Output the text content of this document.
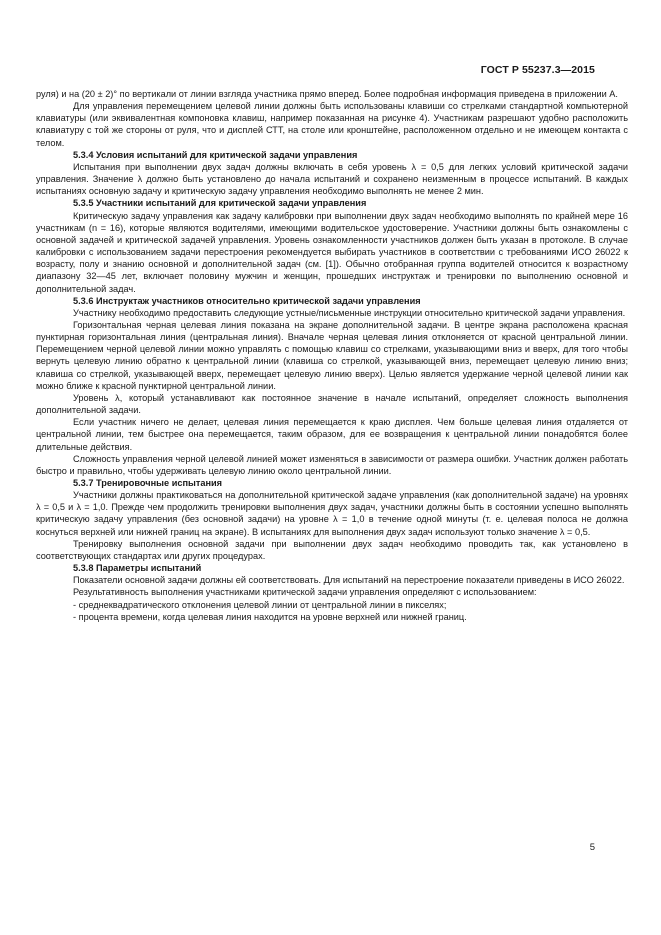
ГОСТ Р 55237.3—2015

руля) и на (20 ± 2)° по вертикали от линии взгляда участника прямо вперед. Более подробная информация приведена в приложении А.

Для управления перемещением целевой линии должны быть использованы клавиши со стрелками стандартной компьютерной клавиатуры (или эквивалентная компоновка клавиш, например показанная на рисунке 4). Участникам разрешают удобно расположить клавиатуру с той же стороны от руля, что и дисплей СТТ, на столе или кронштейне, расположенном отдельно и не имеющем контакта с телом.

5.3.4 Условия испытаний для критической задачи управления

Испытания при выполнении двух задач должны включать в себя уровень λ = 0,5 для легких условий критической задачи управления. Значение λ должно быть установлено до начала испытаний и сохранено неизменным в процессе испытаний. В каждых испытаниях основную задачу и критическую задачу управления необходимо выполнять не менее 2 мин.

5.3.5 Участники испытаний для критической задачи управления

Критическую задачу управления как задачу калибровки при выполнении двух задач необходимо выполнять по крайней мере 16 участникам (n = 16), которые являются водителями, имеющими водительское удостоверение. Участники должны быть ознакомлены с основной задачей и критической задачей управления. Уровень ознакомленности участников должен быть указан в протоколе. В случае калибровки с использованием задачи перестроения рекомендуется выбирать участников в соответствии с требованиями ИСО 26022 к возрасту, полу и знанию основной и дополнительной задач (см. [1]). Обычно отобранная группа водителей относится к возрастному диапазону 32—45 лет, включает половину мужчин и женщин, прошедших инструктаж и тренировки по выполнению основной и дополнительной задач.

5.3.6 Инструктаж участников относительно критической задачи управления

Участнику необходимо предоставить следующие устные/письменные инструкции относительно критической задачи управления.

Горизонтальная черная целевая линия показана на экране дополнительной задачи. В центре экрана расположена красная пунктирная горизонтальная линия (центральная линия). Вначале черная целевая линия отклоняется от красной центральной линии. Перемещением черной целевой линии можно управлять с помощью клавиш со стрелками, указывающими вниз и вверх, для того чтобы вернуть целевую линию обратно к центральной линии (клавиша со стрелкой, указывающей вниз, перемещает целевую линию вниз; клавиша со стрелкой, указывающей вверх, перемещает целевую линию вверх). Целью является удержание черной целевой линии как можно ближе к красной пунктирной центральной линии.

Уровень λ, который устанавливают как постоянное значение в начале испытаний, определяет сложность выполнения дополнительной задачи.

Если участник ничего не делает, целевая линия перемещается к краю дисплея. Чем больше целевая линия отдаляется от центральной линии, тем быстрее она перемещается, таким образом, для ее возвращения к центральной линии понадобятся более длительные действия.

Сложность управления черной целевой линией может изменяться в зависимости от размера ошибки. Участник должен работать быстро и правильно, чтобы удерживать целевую линию около центральной линии.

5.3.7 Тренировочные испытания

Участники должны практиковаться на дополнительной критической задаче управления (как дополнительной задаче) на уровнях λ = 0,5 и λ = 1,0. Прежде чем продолжить тренировки выполнения двух задач, участники должны быть в состоянии успешно выполнять критическую задачу управления (без основной задачи) на уровне λ = 1,0 в течение одной минуты (т. е. целевая полоса не должна коснуться верхней или нижней границ на экране). В испытаниях для выполнения двух задач используют только значение λ = 0,5.

Тренировку выполнения основной задачи при выполнении двух задач необходимо проводить так, как установлено в соответствующих стандартах или других процедурах.

5.3.8 Параметры испытаний

Показатели основной задачи должны ей соответствовать. Для испытаний на перестроение показатели приведены в ИСО 26022.

Результативность выполнения участниками критической задачи управления определяют с использованием:

- среднеквадратического отклонения целевой линии от центральной линии в пикселях;

- процента времени, когда целевая линия находится на уровне верхней или нижней границ.

5
